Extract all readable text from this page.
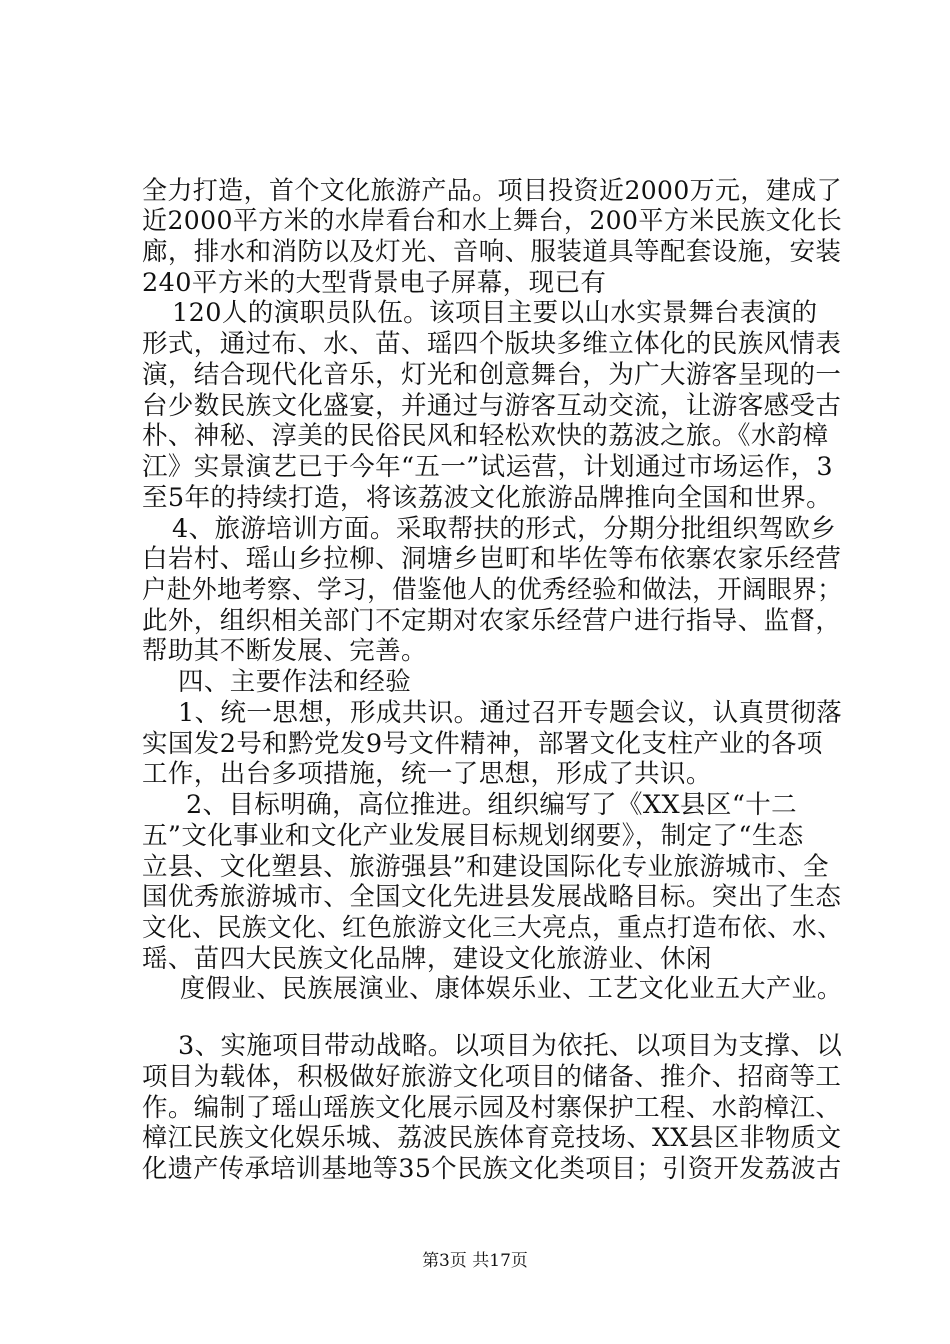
全力打造，首个文化旅游产品。项目投资近2000万元，建成了
近2000平方米的水岸看台和水上舞台，200平方米民族文化长
廊，排水和消防以及灯光、音响、服装道具等配套设施，安装
240平方米的大型背景电子屏幕，现已有
120人的演职员队伍。该项目主要以山水实景舞台表演的
形式，通过布、水、苗、瑶四个版块多维立体化的民族风情表
演，结合现代化音乐，灯光和创意舞台，为广大游客呈现的一
台少数民族文化盛宴，并通过与游客互动交流，让游客感受古
朴、神秘、淳美的民俗民风和轻松欢快的荔波之旅。《水韵樟
江》实景演艺已于今年“五一”试运营，计划通过市场运作，3
至5年的持续打造，将该荔波文化旅游品牌推向全国和世界。
4、旅游培训方面。采取帮扶的形式，分期分批组织驾欧乡
白岩村、瑶山乡拉柳、洞塘乡岜町和毕佐等布依寨农家乐经营
户赴外地考察、学习，借鉴他人的优秀经验和做法，开阔眼界；
此外，组织相关部门不定期对农家乐经营户进行指导、监督，
帮助其不断发展、完善。
四、主要作法和经验
1、统一思想，形成共识。通过召开专题会议，认真贯彻落
实国发2号和黔党发9号文件精神，部署文化支柱产业的各项
工作，出台多项措施，统一了思想，形成了共识。
2、目标明确，高位推进。组织编写了《XX县区“十二
五”文化事业和文化产业发展目标规划纲要》，制定了“生态
立县、文化塑县、旅游强县”和建设国际化专业旅游城市、全
国优秀旅游城市、全国文化先进县发展战略目标。突出了生态
文化、民族文化、红色旅游文化三大亮点，重点打造布依、水、
瑶、苗四大民族文化品牌，建设文化旅游业、休闲
度假业、民族展演业、康体娱乐业、工艺文化业五大产业。
3、实施项目带动战略。以项目为依托、以项目为支撑、以
项目为载体，积极做好旅游文化项目的储备、推介、招商等工
作。编制了瑶山瑶族文化展示园及村寨保护工程、水韵樟江、
樟江民族文化娱乐城、荔波民族体育竞技场、XX县区非物质文
化遗产传承培训基地等35个民族文化类项目；引资开发荔波古
第3页 共17页
